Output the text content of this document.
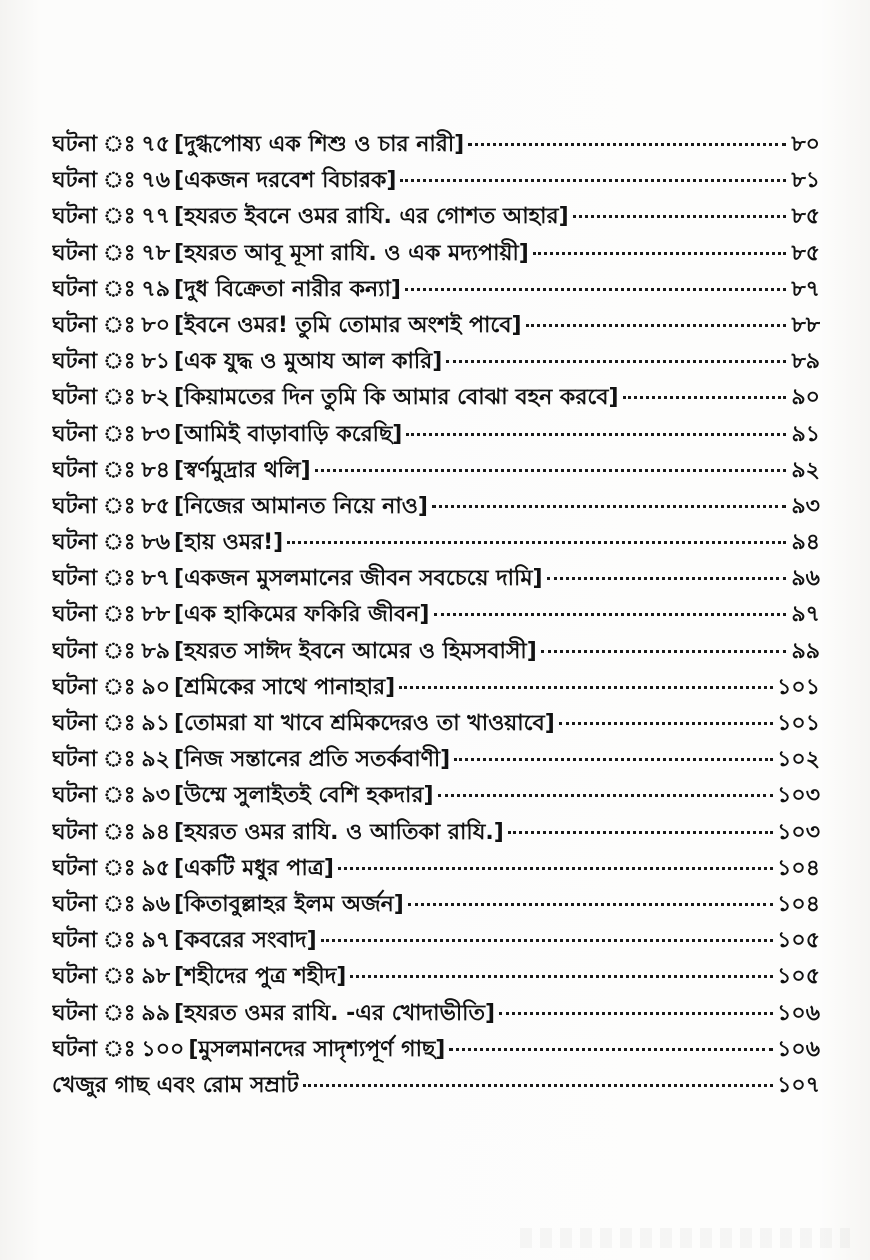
ঘটনা ঃ ৭৫ [দুগ্ধপোষ্য এক শিশু ও চার নারী]	৮০
ঘটনা ঃ ৭৬ [একজন দরবেশ বিচারক]	৮১
ঘটনা ঃ ৭৭ [হযরত ইবনে ওমর রাযি. এর গোশত আহার]	৮৫
ঘটনা ঃ ৭৮ [হযরত আবূ মূসা রাযি. ও এক মদ্যপায়ী]	৮৫
ঘটনা ঃ ৭৯ [দুধ বিক্রেতা নারীর কন্যা]	৮৭
ঘটনা ঃ ৮০ [ইবনে ওমর! তুমি তোমার অংশই পাবে]	৮৮
ঘটনা ঃ ৮১ [এক যুদ্ধ ও মুআয আল কারি]	৮৯
ঘটনা ঃ ৮২ [কিয়ামতের দিন তুমি কি আমার বোঝা বহন করবে]	৯০
ঘটনা ঃ ৮৩ [আমিই বাড়াবাড়ি করেছি]	৯১
ঘটনা ঃ ৮৪ [স্বর্ণমুদ্রার থলি]	৯২
ঘটনা ঃ ৮৫ [নিজের আমানত নিয়ে নাও]	৯৩
ঘটনা ঃ ৮৬ [হায় ওমর!]	৯৪
ঘটনা ঃ ৮৭ [একজন মুসলমানের জীবন সবচেয়ে দামি]	৯৬
ঘটনা ঃ ৮৮ [এক হাকিমের ফকিরি জীবন]	৯৭
ঘটনা ঃ ৮৯ [হযরত সাঈদ ইবনে আমের ও হিমসবাসী]	৯৯
ঘটনা ঃ ৯০ [শ্রমিকের সাথে পানাহার]	১০১
ঘটনা ঃ ৯১ [তোমরা যা খাবে শ্রমিকদেরও তা খাওয়াবে]	১০১
ঘটনা ঃ ৯২ [নিজ সন্তানের প্রতি সতর্কবাণী]	১০২
ঘটনা ঃ ৯৩ [উম্মে সুলাইতই বেশি হকদার]	১০৩
ঘটনা ঃ ৯৪ [হযরত ওমর রাযি. ও আতিকা রাযি.]	১০৩
ঘটনা ঃ ৯৫ [একটি মধুর পাত্র]	১০৪
ঘটনা ঃ ৯৬ [কিতাবুল্লাহর ইলম অর্জন]	১০৪
ঘটনা ঃ ৯৭ [কবরের সংবাদ]	১০৫
ঘটনা ঃ ৯৮ [শহীদের পুত্র শহীদ]	১০৫
ঘটনা ঃ ৯৯ [হযরত ওমর রাযি. -এর খোদাভীতি]	১০৬
ঘটনা ঃ ১০০ [মুসলমানদের সাদৃশ্যপূর্ণ গাছ]	১০৬
খেজুর গাছ এবং রোম সম্রাট	১০৭
